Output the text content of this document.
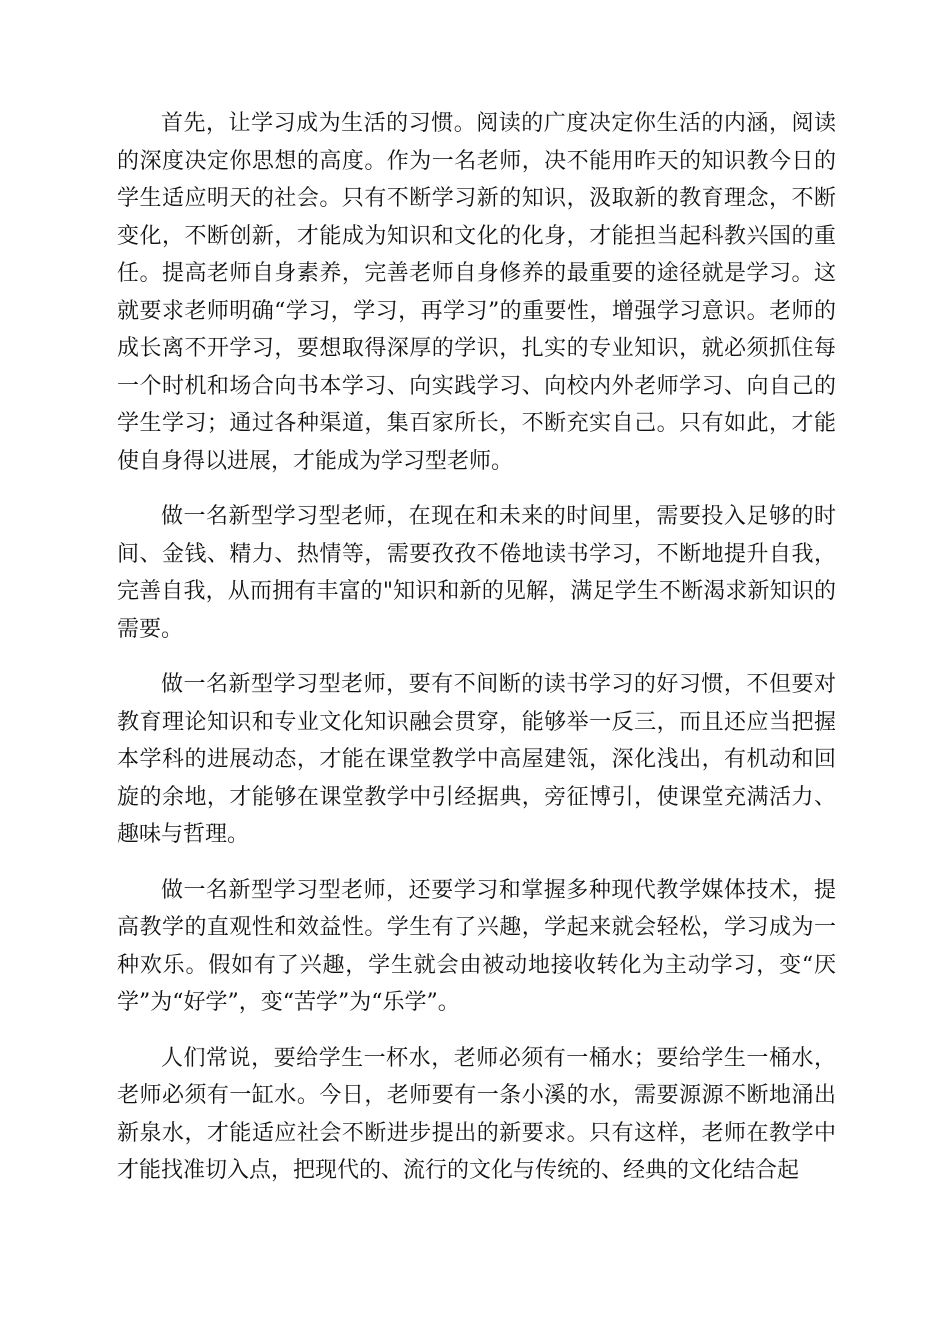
首先，让学习成为生活的习惯。阅读的广度决定你生活的内涵，阅读的深度决定你思想的高度。作为一名老师，决不能用昨天的知识教今日的学生适应明天的社会。只有不断学习新的知识，汲取新的教育理念，不断变化，不断创新，才能成为知识和文化的化身，才能担当起科教兴国的重任。提高老师自身素养，完善老师自身修养的最重要的途径就是学习。这就要求老师明确“学习，学习，再学习”的重要性，增强学习意识。老师的成长离不开学习，要想取得深厚的学识，扎实的专业知识，就必须抓住每一个时机和场合向书本学习、向实践学习、向校内外老师学习、向自己的学生学习；通过各种渠道，集百家所长，不断充实自己。只有如此，才能使自身得以进展，才能成为学习型老师。

做一名新型学习型老师，在现在和未来的时间里，需要投入足够的时间、金钱、精力、热情等，需要孜孜不倦地读书学习，不断地提升自我，完善自我，从而拥有丰富的"知识和新的见解，满足学生不断渴求新知识的需要。

做一名新型学习型老师，要有不间断的读书学习的好习惯，不但要对教育理论知识和专业文化知识融会贯穿，能够举一反三，而且还应当把握本学科的进展动态，才能在课堂教学中高屋建瓴，深化浅出，有机动和回旋的余地，才能够在课堂教学中引经据典，旁征博引，使课堂充满活力、趣味与哲理。

做一名新型学习型老师，还要学习和掌握多种现代教学媒体技术，提高教学的直观性和效益性。学生有了兴趣，学起来就会轻松，学习成为一种欢乐。假如有了兴趣，学生就会由被动地接收转化为主动学习，变“厌学”为“好学”，变“苦学”为“乐学”。

人们常说，要给学生一杯水，老师必须有一桶水；要给学生一桶水，老师必须有一缸水。今日，老师要有一条小溪的水，需要源源不断地涌出新泉水，才能适应社会不断进步提出的新要求。只有这样，老师在教学中才能找准切入点，把现代的、流行的文化与传统的、经典的文化结合起
